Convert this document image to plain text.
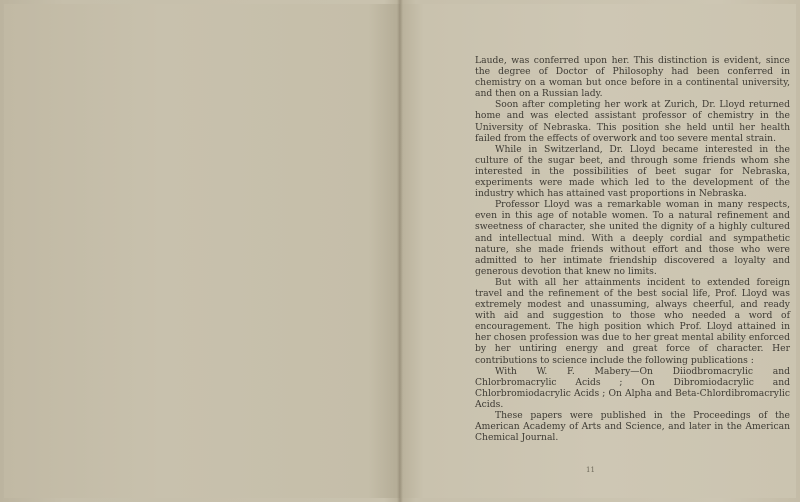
Laude, was conferred upon her. This distinction is evident, since the degree of Doctor of Philosophy had been conferred in chemistry on a woman but once before in a continental university, and then on a Russian lady.

Soon after completing her work at Zurich, Dr. Lloyd returned home and was elected assistant professor of chemistry in the University of Nebraska. This position she held until her health failed from the effects of overwork and too severe mental strain.

While in Switzerland, Dr. Lloyd became interested in the culture of the sugar beet, and through some friends whom she interested in the possibilities of beet sugar for Nebraska, experiments were made which led to the development of the industry which has attained vast proportions in Nebraska.

Professor Lloyd was a remarkable woman in many respects, even in this age of notable women. To a natural refinement and sweetness of character, she united the dignity of a highly cultured and intellectual mind. With a deeply cordial and sympathetic nature, she made friends without effort and those who were admitted to her intimate friendship discovered a loyalty and generous devotion that knew no limits.

But with all her attainments incident to extended foreign travel and the refinement of the best social life, Prof. Lloyd was extremely modest and unassuming, always cheerful, and ready with aid and suggestion to those who needed a word of encouragement. The high position which Prof. Lloyd attained in her chosen profession was due to her great mental ability enforced by her untiring energy and great force of character. Her contributions to science include the following publications :

With W. F. Mabery—On Diiodbromacrylic and Chlorbromacrylic Acids ; On Dibromiodacrylic and Chlorbromiodacrylic Acids ; On Alpha and Beta-Chlordibromacrylic Acids.

These papers were published in the Proceedings of the American Academy of Arts and Science, and later in the American Chemical Journal.

11
